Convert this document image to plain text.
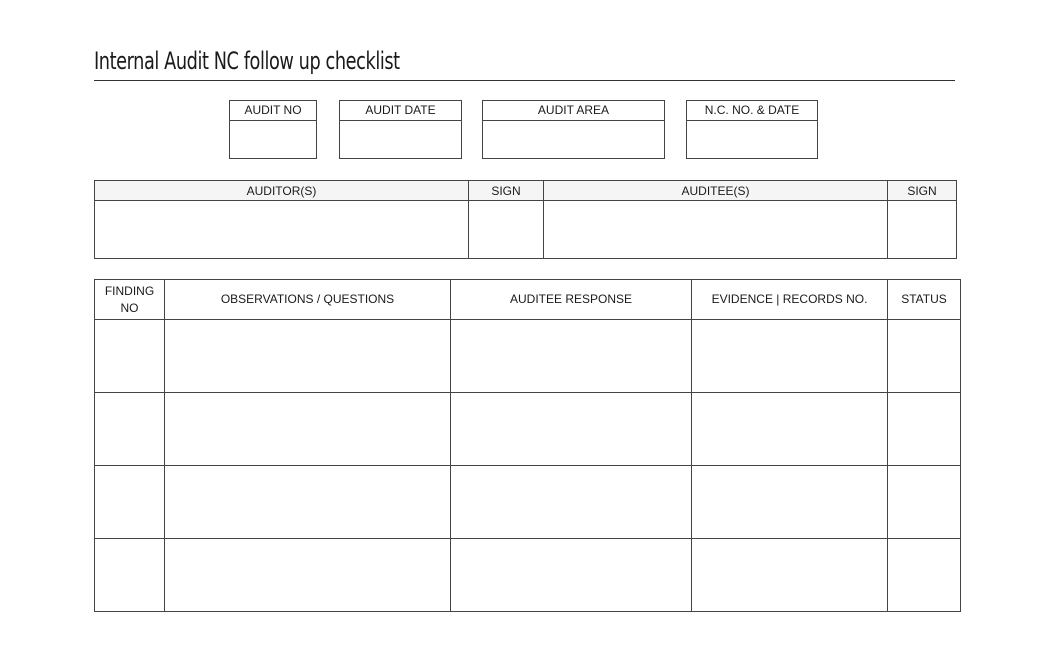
Internal Audit NC follow up checklist
AUDIT NO	AUDIT DATE	AUDIT AREA	N.C. NO. & DATE
AUDITOR(S)	SIGN	AUDITEE(S)	SIGN

FINDING NO	OBSERVATIONS / QUESTIONS	AUDITEE RESPONSE	EVIDENCE | RECORDS NO.	STATUS
